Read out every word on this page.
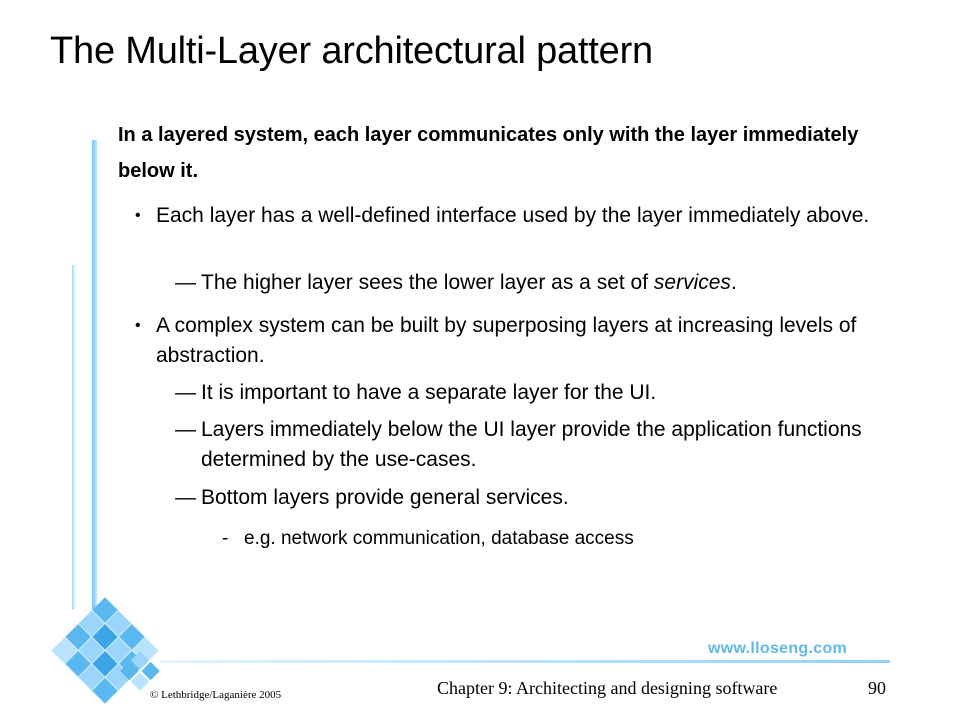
The Multi-Layer architectural pattern
In a layered system, each layer communicates only with the layer immediately below it.
• Each layer has a well-defined interface used by the layer immediately above.
— The higher layer sees the lower layer as a set of services.
• A complex system can be built by superposing layers at increasing levels of abstraction.
— It is important to have a separate layer for the UI.
— Layers immediately below the UI layer provide the application functions determined by the use-cases.
— Bottom layers provide general services.
- e.g. network communication, database access
www.lloseng.com
© Lethbridge/Laganière 2005	Chapter 9: Architecting and designing software	90
